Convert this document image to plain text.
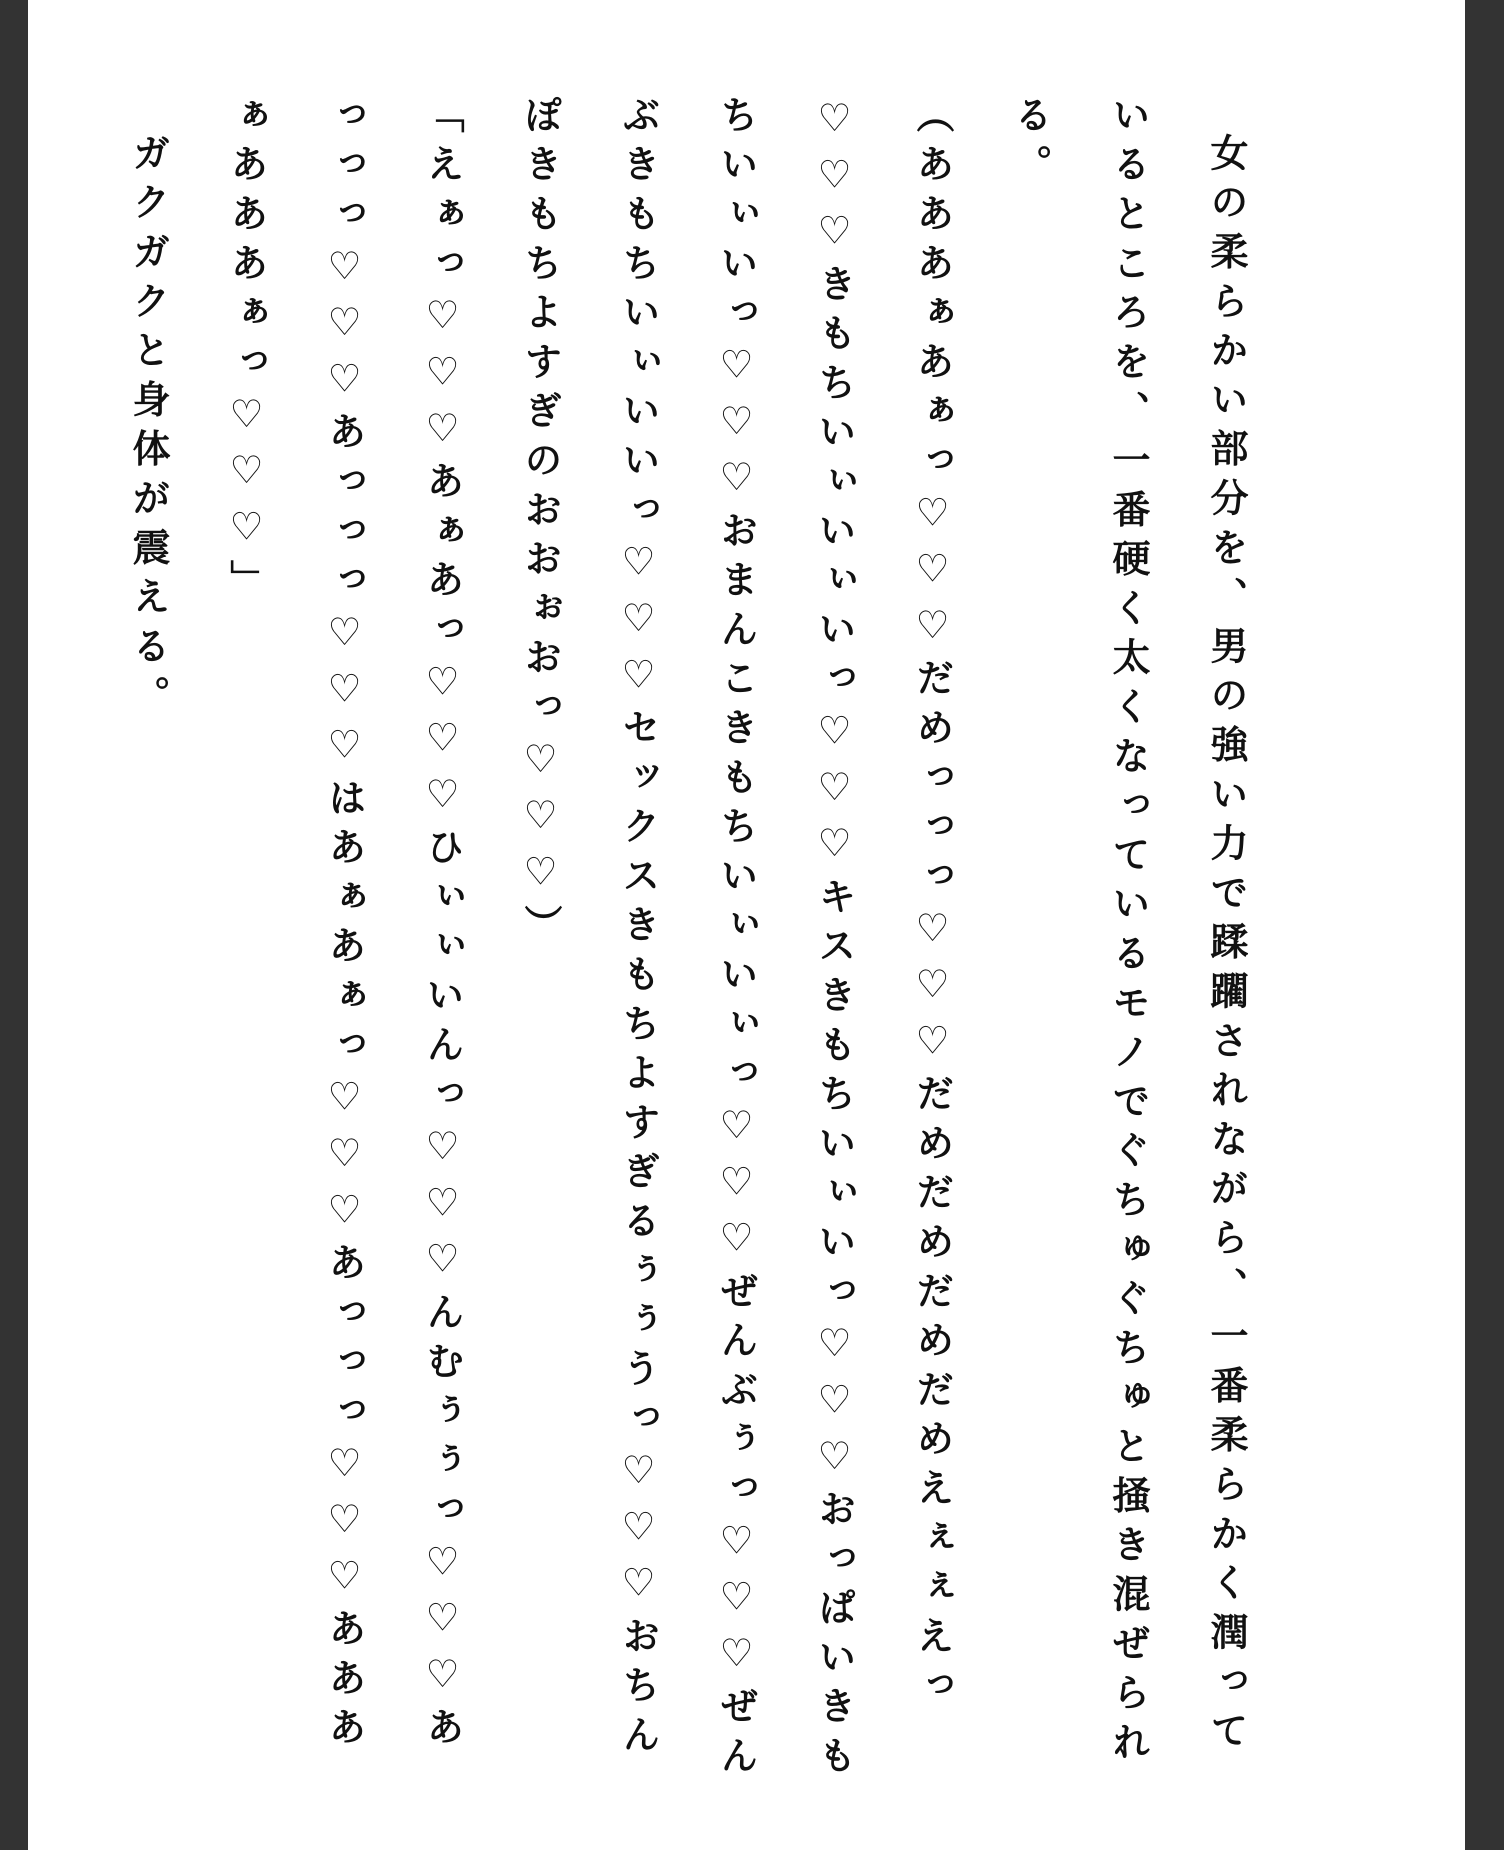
女の柔らかい部分を、男の強い力で蹂躙されながら、一番柔らかく潤っているところを、一番硬く太くなっているモノでぐちゅぐちゅと掻き混ぜられる。

（あああぁあぁっ♡♡♡だめっっっ♡♡♡だめだめだめだめえぇぇえっ♡♡♡きもちいぃいぃいっ♡♡♡キスきもちいぃいっ♡♡♡おっぱいきもちいぃいっ♡♡♡おまんこきもちいぃいぃっ♡♡♡ぜんぶぅっ♡♡♡ぜんぶきもちいぃいいっ♡♡♡セックスきもちよすぎるぅぅうっ♡♡♡おちんぽきもちよすぎのおおぉおっ♡♡♡）

「えぁっ♡♡♡あぁあっ♡♡♡ひぃぃいんっ♡♡♡んむぅぅっ♡♡♡あっっっ♡♡♡あっっっ♡♡♡はあぁあぁっ♡♡♡あっっっ♡♡♡あああぁあああぁっ♡♡♡」

ガクガクと身体が震える。
